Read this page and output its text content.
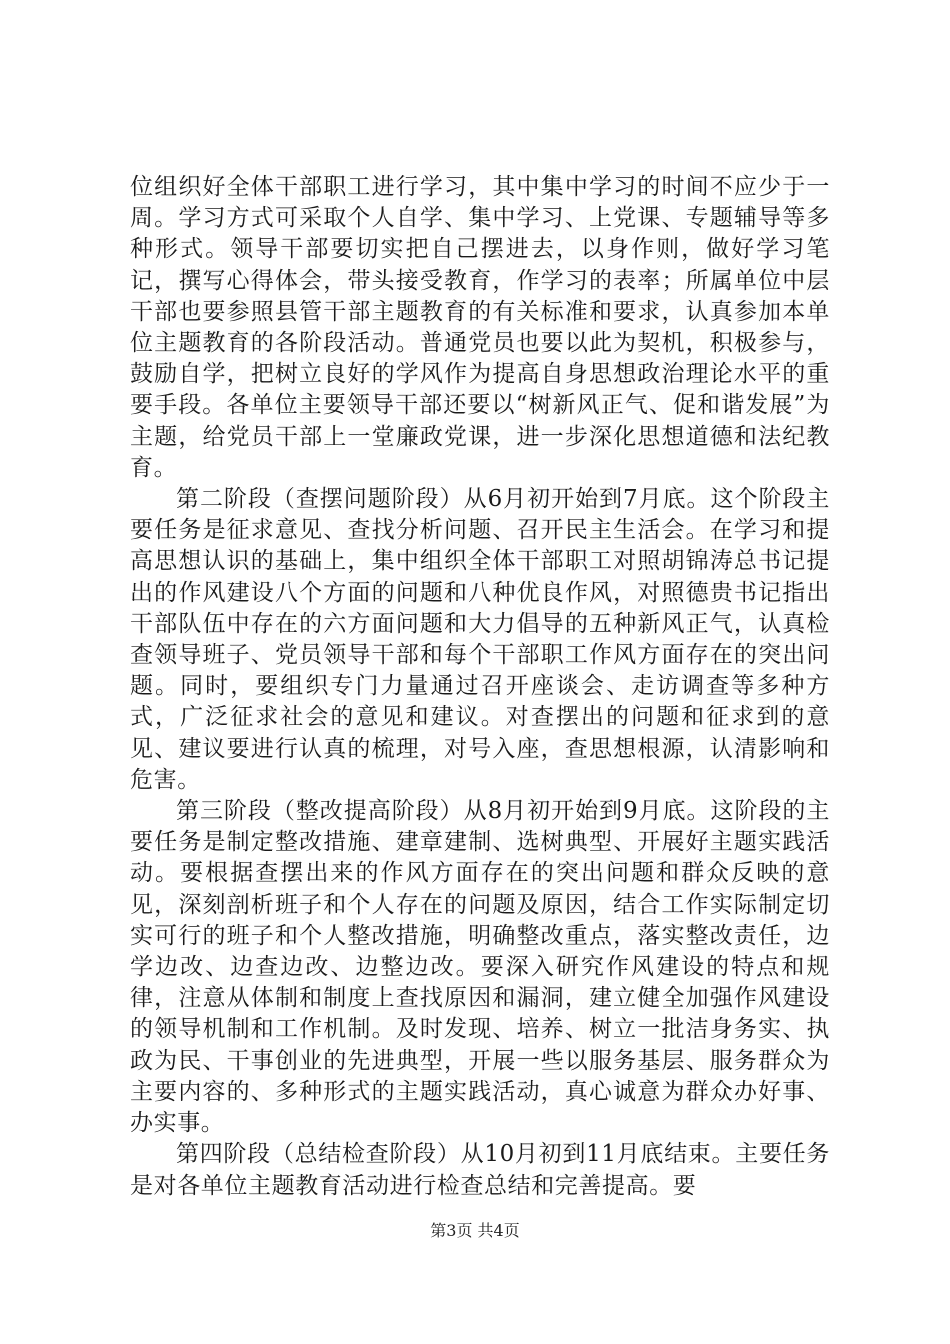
位组织好全体干部职工进行学习，其中集中学习的时间不应少于一周。学习方式可采取个人自学、集中学习、上党课、专题辅导等多种形式。领导干部要切实把自己摆进去，以身作则，做好学习笔记，撰写心得体会，带头接受教育，作学习的表率；所属单位中层干部也要参照县管干部主题教育的有关标准和要求，认真参加本单位主题教育的各阶段活动。普通党员也要以此为契机，积极参与，鼓励自学，把树立良好的学风作为提高自身思想政治理论水平的重要手段。各单位主要领导干部还要以“树新风正气、促和谐发展”为主题，给党员干部上一堂廉政党课，进一步深化思想道德和法纪教育。

第二阶段（查摆问题阶段）从6月初开始到7月底。这个阶段主要任务是征求意见、查找分析问题、召开民主生活会。在学习和提高思想认识的基础上，集中组织全体干部职工对照胡锦涛总书记提出的作风建设八个方面的问题和八种优良作风，对照德贵书记指出干部队伍中存在的六方面问题和大力倡导的五种新风正气，认真检查领导班子、党员领导干部和每个干部职工作风方面存在的突出问题。同时，要组织专门力量通过召开座谈会、走访调查等多种方式，广泛征求社会的意见和建议。对查摆出的问题和征求到的意见、建议要进行认真的梳理，对号入座，查思想根源，认清影响和危害。

第三阶段（整改提高阶段）从8月初开始到9月底。这阶段的主要任务是制定整改措施、建章建制、选树典型、开展好主题实践活动。要根据查摆出来的作风方面存在的突出问题和群众反映的意见，深刻剖析班子和个人存在的问题及原因，结合工作实际制定切实可行的班子和个人整改措施，明确整改重点，落实整改责任，边学边改、边查边改、边整边改。要深入研究作风建设的特点和规律，注意从体制和制度上查找原因和漏洞，建立健全加强作风建设的领导机制和工作机制。及时发现、培养、树立一批洁身务实、执政为民、干事创业的先进典型，开展一些以服务基层、服务群众为主要内容的、多种形式的主题实践活动，真心诚意为群众办好事、办实事。

第四阶段（总结检查阶段）从10月初到11月底结束。主要任务是对各单位主题教育活动进行检查总结和完善提高。要

第3页 共4页
